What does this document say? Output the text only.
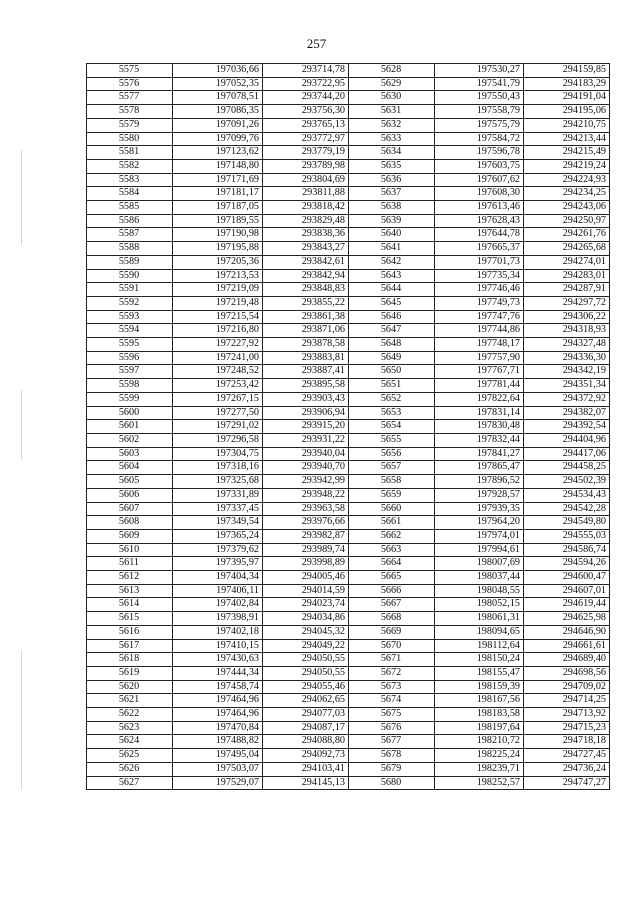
257
5575	197036,66	293714,78	5628	197530,27	294159,85
5576	197052,35	293722,95	5629	197541,79	294183,29
5577	197078,51	293744,20	5630	197550,43	294191,04
5578	197086,35	293756,30	5631	197558,79	294195,06
5579	197091,26	293765,13	5632	197575,79	294210,75
5580	197099,76	293772,97	5633	197584,72	294213,44
5581	197123,62	293779,19	5634	197596,78	294215,49
5582	197148,80	293789,98	5635	197603,75	294219,24
5583	197171,69	293804,69	5636	197607,62	294224,93
5584	197181,17	293811,88	5637	197608,30	294234,25
5585	197187,05	293818,42	5638	197613,46	294243,06
5586	197189,55	293829,48	5639	197628,43	294250,97
5587	197190,98	293838,36	5640	197644,78	294261,76
5588	197195,88	293843,27	5641	197665,37	294265,68
5589	197205,36	293842,61	5642	197701,73	294274,01
5590	197213,53	293842,94	5643	197735,34	294283,01
5591	197219,09	293848,83	5644	197746,46	294287,91
5592	197219,48	293855,22	5645	197749,73	294297,72
5593	197215,54	293861,38	5646	197747,76	294306,22
5594	197216,80	293871,06	5647	197744,86	294318,93
5595	197227,92	293878,58	5648	197748,17	294327,48
5596	197241,00	293883,81	5649	197757,90	294336,30
5597	197248,52	293887,41	5650	197767,71	294342,19
5598	197253,42	293895,58	5651	197781,44	294351,34
5599	197267,15	293903,43	5652	197822,64	294372,92
5600	197277,50	293906,94	5653	197831,14	294382,07
5601	197291,02	293915,20	5654	197830,48	294392,54
5602	197296,58	293931,22	5655	197832,44	294404,96
5603	197304,75	293940,04	5656	197841,27	294417,06
5604	197318,16	293940,70	5657	197865,47	294458,25
5605	197325,68	293942,99	5658	197896,52	294502,39
5606	197331,89	293948,22	5659	197928,57	294534,43
5607	197337,45	293963,58	5660	197939,35	294542,28
5608	197349,54	293976,66	5661	197964,20	294549,80
5609	197365,24	293982,87	5662	197974,01	294555,03
5610	197379,62	293989,74	5663	197994,61	294586,74
5611	197395,97	293998,89	5664	198007,69	294594,26
5612	197404,34	294005,46	5665	198037,44	294600,47
5613	197406,11	294014,59	5666	198048,55	294607,01
5614	197402,84	294023,74	5667	198052,15	294619,44
5615	197398,91	294034,86	5668	198061,31	294625,98
5616	197402,18	294045,32	5669	198094,65	294646,90
5617	197410,15	294049,22	5670	198112,64	294661,61
5618	197430,63	294050,55	5671	198150,24	294689,40
5619	197444,34	294050,55	5672	198155,47	294698,56
5620	197458,74	294055,46	5673	198159,39	294709,02
5621	197464,96	294062,65	5674	198167,56	294714,25
5622	197464,96	294077,03	5675	198183,58	294713,92
5623	197470,84	294087,17	5676	198197,64	294715,23
5624	197488,82	294088,80	5677	198210,72	294718,18
5625	197495,04	294092,73	5678	198225,24	294727,45
5626	197503,07	294103,41	5679	198239,71	294736,24
5627	197529,07	294145,13	5680	198252,57	294747,27
